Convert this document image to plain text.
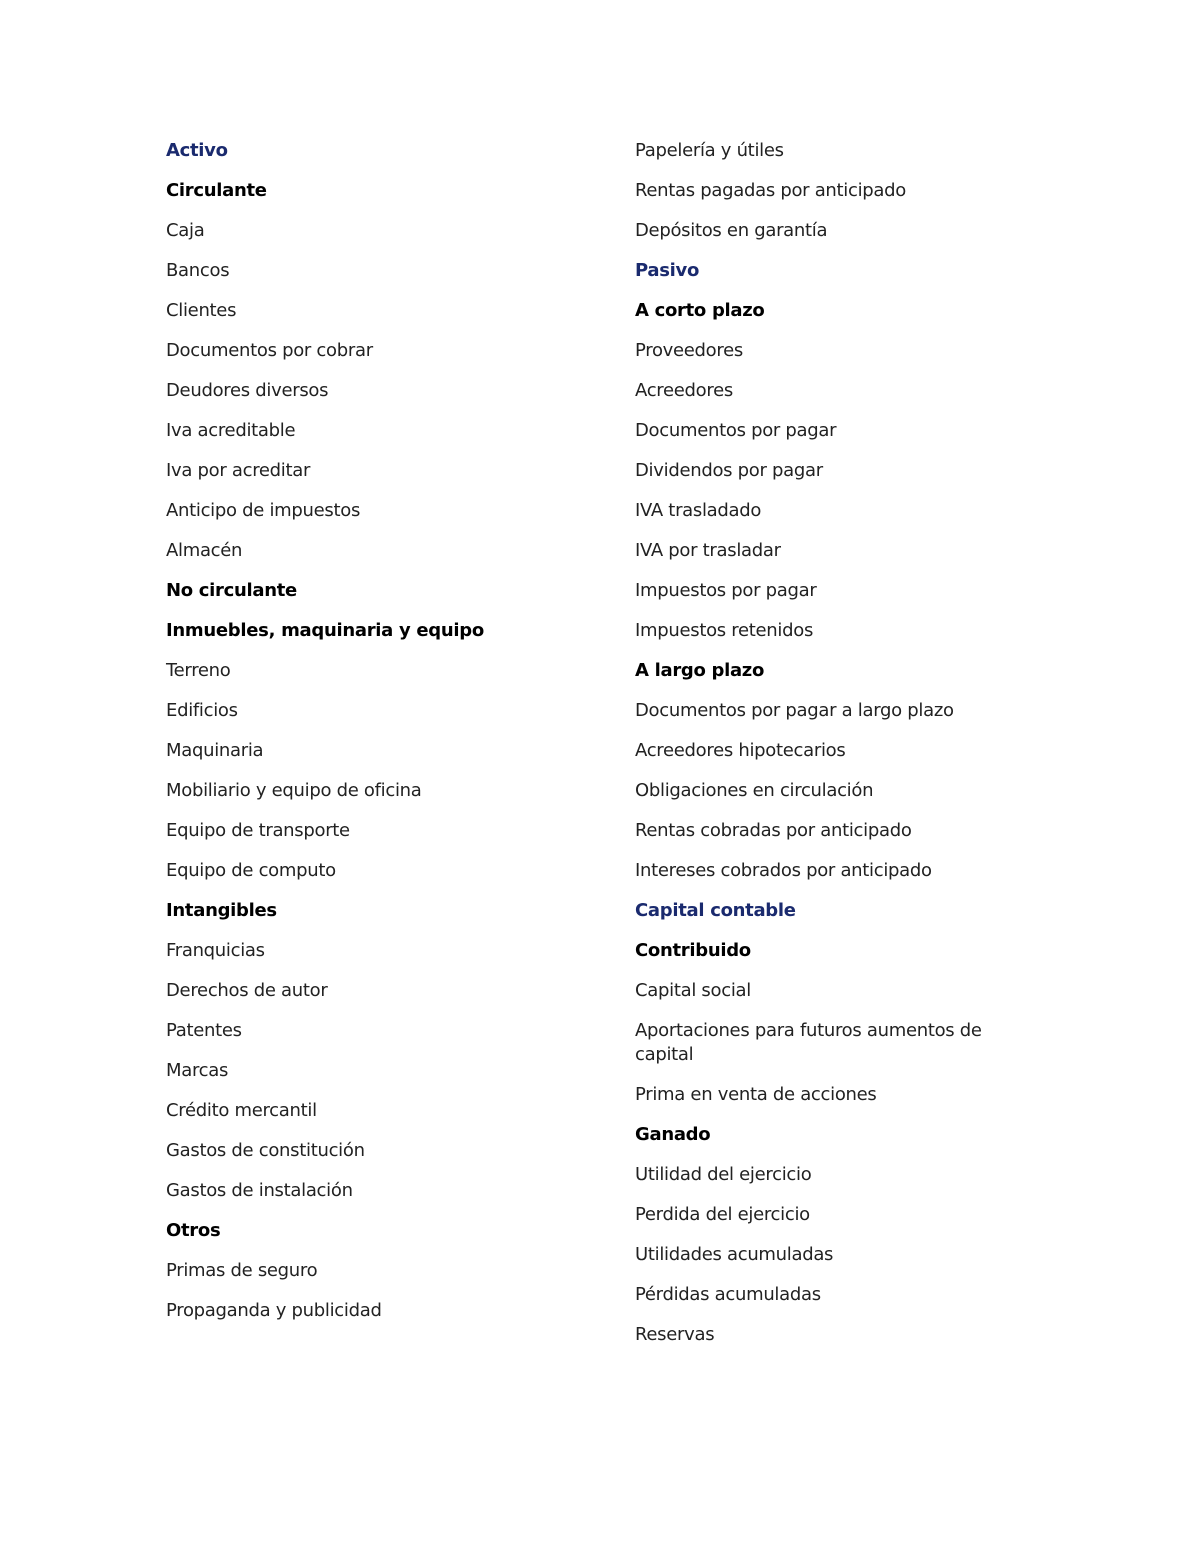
Activo
Circulante
Caja
Bancos
Clientes
Documentos por cobrar
Deudores diversos
Iva acreditable
Iva por acreditar
Anticipo de impuestos
Almacén
No circulante
Inmuebles, maquinaria y equipo
Terreno
Edificios
Maquinaria
Mobiliario y equipo de oficina
Equipo de transporte
Equipo de computo
Intangibles
Franquicias
Derechos de autor
Patentes
Marcas
Crédito mercantil
Gastos de constitución
Gastos de instalación
Otros
Primas de seguro
Propaganda y publicidad
Papelería y útiles
Rentas pagadas por anticipado
Depósitos en garantía
Pasivo
A corto plazo
Proveedores
Acreedores
Documentos por pagar
Dividendos por pagar
IVA trasladado
IVA por trasladar
Impuestos por pagar
Impuestos retenidos
A largo plazo
Documentos por pagar a largo plazo
Acreedores hipotecarios
Obligaciones en circulación
Rentas cobradas por anticipado
Intereses cobrados por anticipado
Capital contable
Contribuido
Capital social
Aportaciones para futuros aumentos de capital
Prima en venta de acciones
Ganado
Utilidad del ejercicio
Perdida del ejercicio
Utilidades acumuladas
Pérdidas acumuladas
Reservas
